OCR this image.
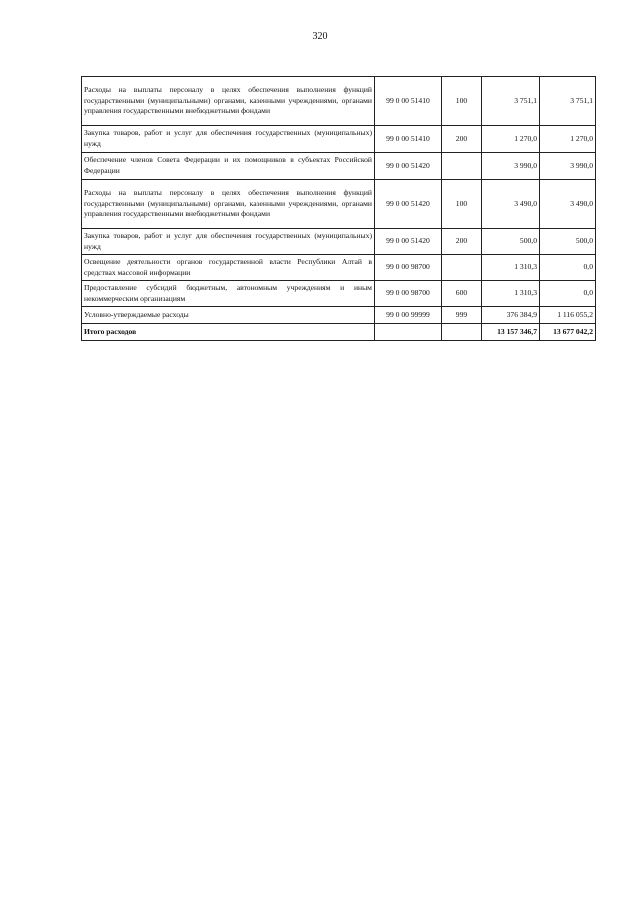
320
Расходы на выплаты персоналу в целях обеспечения выполнения функций государственными (муниципальными) органами, казенными учреждениями, органами управления государственными внебюджетными фондами	99 0 00 51410	100	3 751,1	3 751,1
Закупка товаров, работ и услуг для обеспечения государственных (муниципальных) нужд	99 0 00 51410	200	1 270,0	1 270,0
Обеспечение членов Совета Федерации и их помощников в субъектах Российской Федерации	99 0 00 51420		3 990,0	3 990,0
Расходы на выплаты персоналу в целях обеспечения выполнения функций государственными (муниципальными) органами, казенными учреждениями, органами управления государственными внебюджетными фондами	99 0 00 51420	100	3 490,0	3 490,0
Закупка товаров, работ и услуг для обеспечения государственных (муниципальных) нужд	99 0 00 51420	200	500,0	500,0
Освещение деятельности органов государственной власти Республики Алтай в средствах массовой информации	99 0 00 98700		1 310,3	0,0
Предоставление субсидий бюджетным, автономным учреждениям и иным некоммерческим организациям	99 0 00 98700	600	1 310,3	0,0
Условно-утверждаемые расходы	99 0 00 99999	999	376 384,9	1 116 055,2
Итого расходов			13 157 346,7	13 677 042,2
